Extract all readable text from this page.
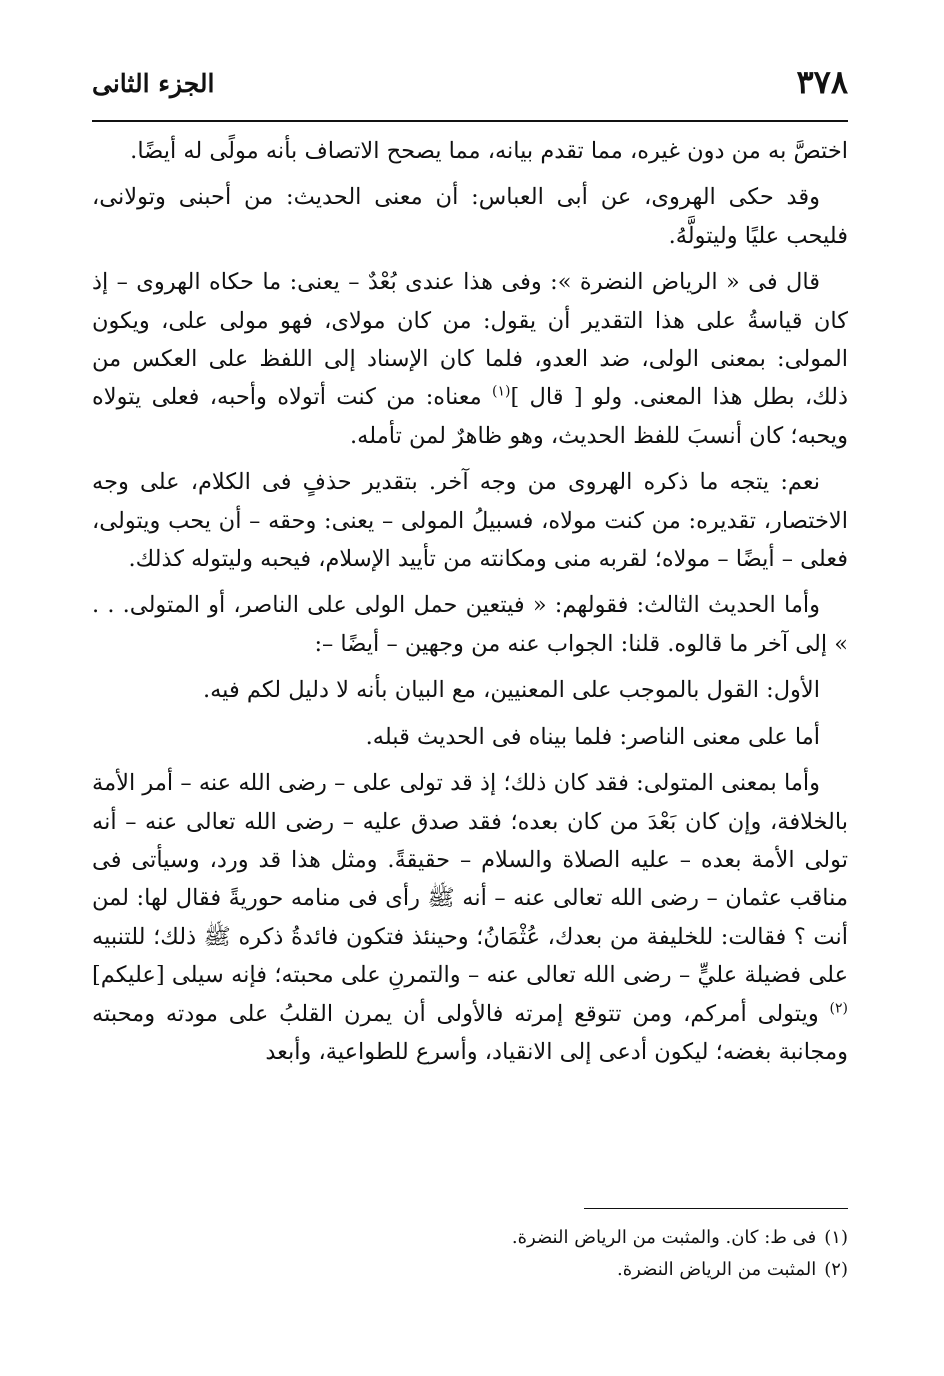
٣٧٨
الجزء الثانى

اختصَّ به من دون غيره، مما تقدم بيانه، مما يصحح الاتصاف بأنه مولًى له أيضًا.

وقد حكى الهروى، عن أبى العباس: أن معنى الحديث: من أحبنى وتولانى، فليحب عليًا وليتولَّهُ.

قال فى « الرياض النضرة »: وفى هذا عندى بُعْدٌ – يعنى: ما حكاه الهروى – إذ كان قياسةُ على هذا التقدير أن يقول: من كان مولاى، فهو مولى على، ويكون المولى: بمعنى الولى، ضد العدو، فلما كان الإسناد إلى اللفظ على العكس من ذلك، بطل هذا المعنى. ولو [ قال ]$^{(١)}$ معناه: من كنت أتولاه وأحبه، فعلى يتولاه ويحبه؛ كان أنسبَ للفظ الحديث، وهو ظاهرٌ لمن تأمله.

نعم: يتجه ما ذكره الهروى من وجه آخر. بتقدير حذفٍ فى الكلام، على وجه الاختصار، تقديره: من كنت مولاه، فسبيلُ المولى – يعنى: وحقه – أن يحب ويتولى، فعلى – أيضًا – مولاه؛ لقربه منى ومكانته من تأييد الإسلام، فيحبه وليتوله كذلك.

وأما الحديث الثالث: فقولهم: « فيتعين حمل الولى على الناصر، أو المتولى. . . » إلى آخر ما قالوه. قلنا: الجواب عنه من وجهين – أيضًا –:

الأول: القول بالموجب على المعنيين، مع البيان بأنه لا دليل لكم فيه.

أما على معنى الناصر: فلما بيناه فى الحديث قبله.

وأما بمعنى المتولى: فقد كان ذلك؛ إذ قد تولى على – رضى الله عنه – أمر الأمة بالخلافة، وإن كان بَعْدَ من كان بعده؛ فقد صدق عليه – رضى الله تعالى عنه – أنه تولى الأمة بعده – عليه الصلاة والسلام – حقيقةً. ومثل هذا قد ورد، وسيأتى فى مناقب عثمان – رضى الله تعالى عنه – أنه ﷺ رأى فى منامه حوريةً فقال لها: لمن أنت ؟ فقالت: للخليفة من بعدك، عُثْمَانُ؛ وحينئذ فتكون فائدةُ ذكره ﷺ ذلك؛ للتنبيه على فضيلة عليٍّ – رضى الله تعالى عنه – والتمرنِ على محبته؛ فإنه سيلى [عليكم]$^{(٢)}$ ويتولى أمركم، ومن تتوقع إمرته فالأولى أن يمرن القلبُ على مودته ومحبته ومجانبة بغضه؛ ليكون أدعى إلى الانقياد، وأسرع للطواعية، وأبعد

(١)فى ط: كان. والمثبت من الرياض النضرة.
(٢)المثبت من الرياض النضرة.
